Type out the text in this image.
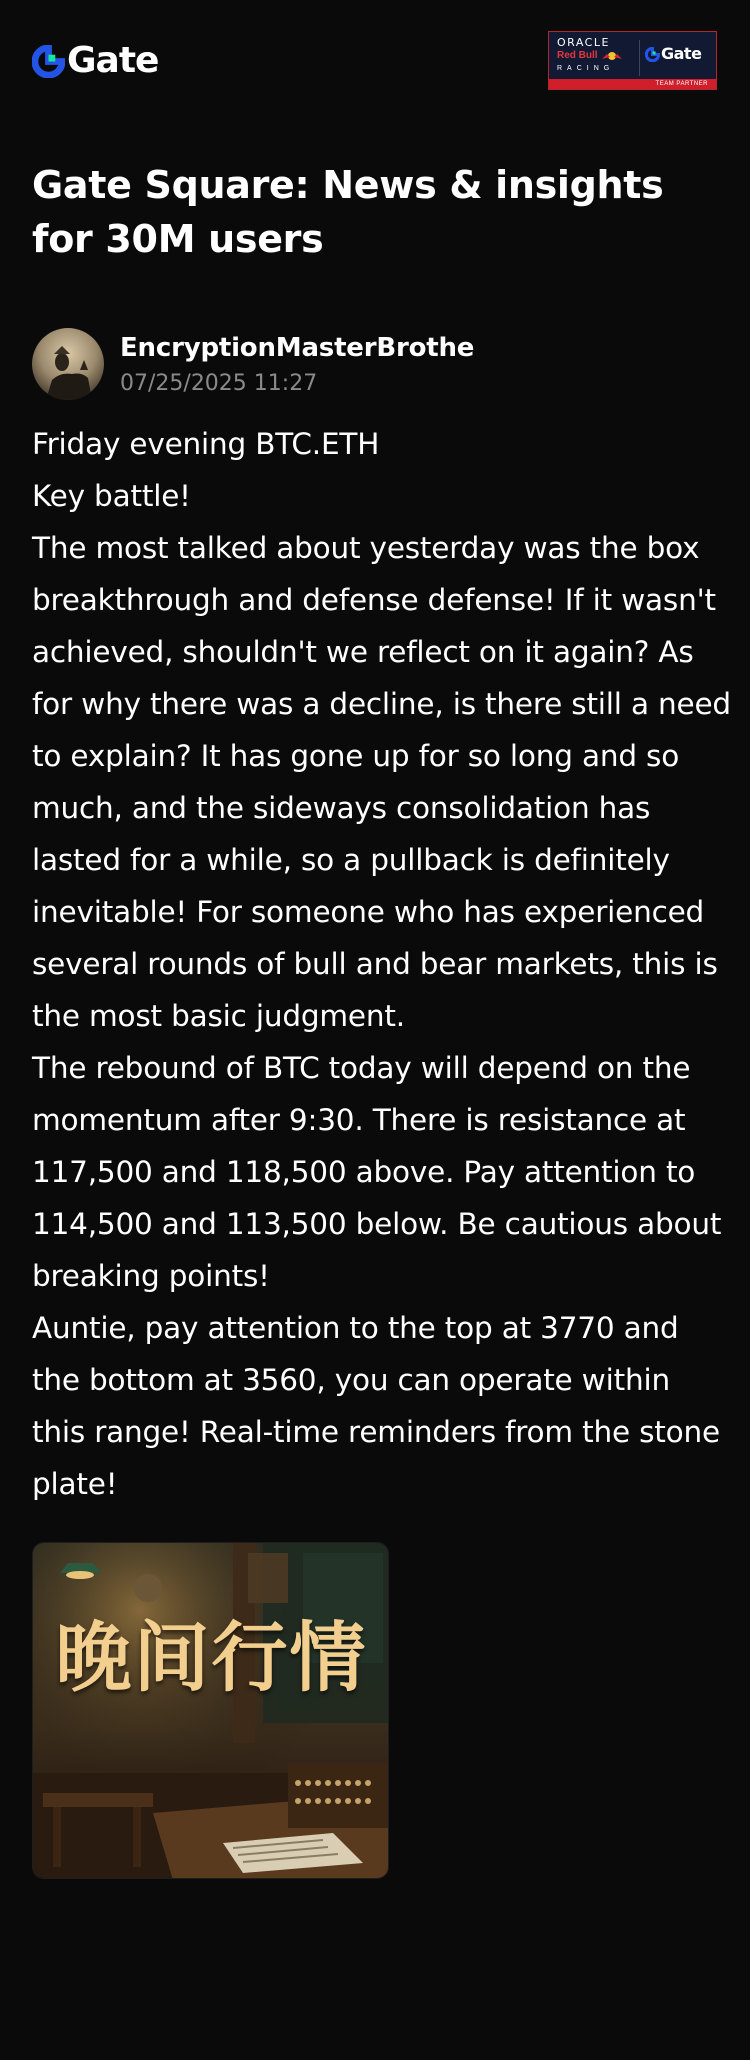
Gate	ORACLE
Red Bull
RACING
Gate
TEAM PARTNER
Gate Square: News & insights for 30M users
EncryptionMasterBrothe
07/25/2025 11:27

Friday evening BTC.ETH

Key battle!

The most talked about yesterday was the box breakthrough and defense defense! If it wasn't achieved, shouldn't we reflect on it again? As for why there was a decline, is there still a need to explain? It has gone up for so long and so much, and the sideways consolidation has lasted for a while, so a pullback is definitely inevitable! For someone who has experienced several rounds of bull and bear markets, this is the most basic judgment.

The rebound of BTC today will depend on the momentum after 9:30. There is resistance at 117,500 and 118,500 above. Pay attention to 114,500 and 113,500 below. Be cautious about breaking points!

Auntie, pay attention to the top at 3770 and the bottom at 3560, you can operate within this range! Real-time reminders from the stone plate!

晚间行情
